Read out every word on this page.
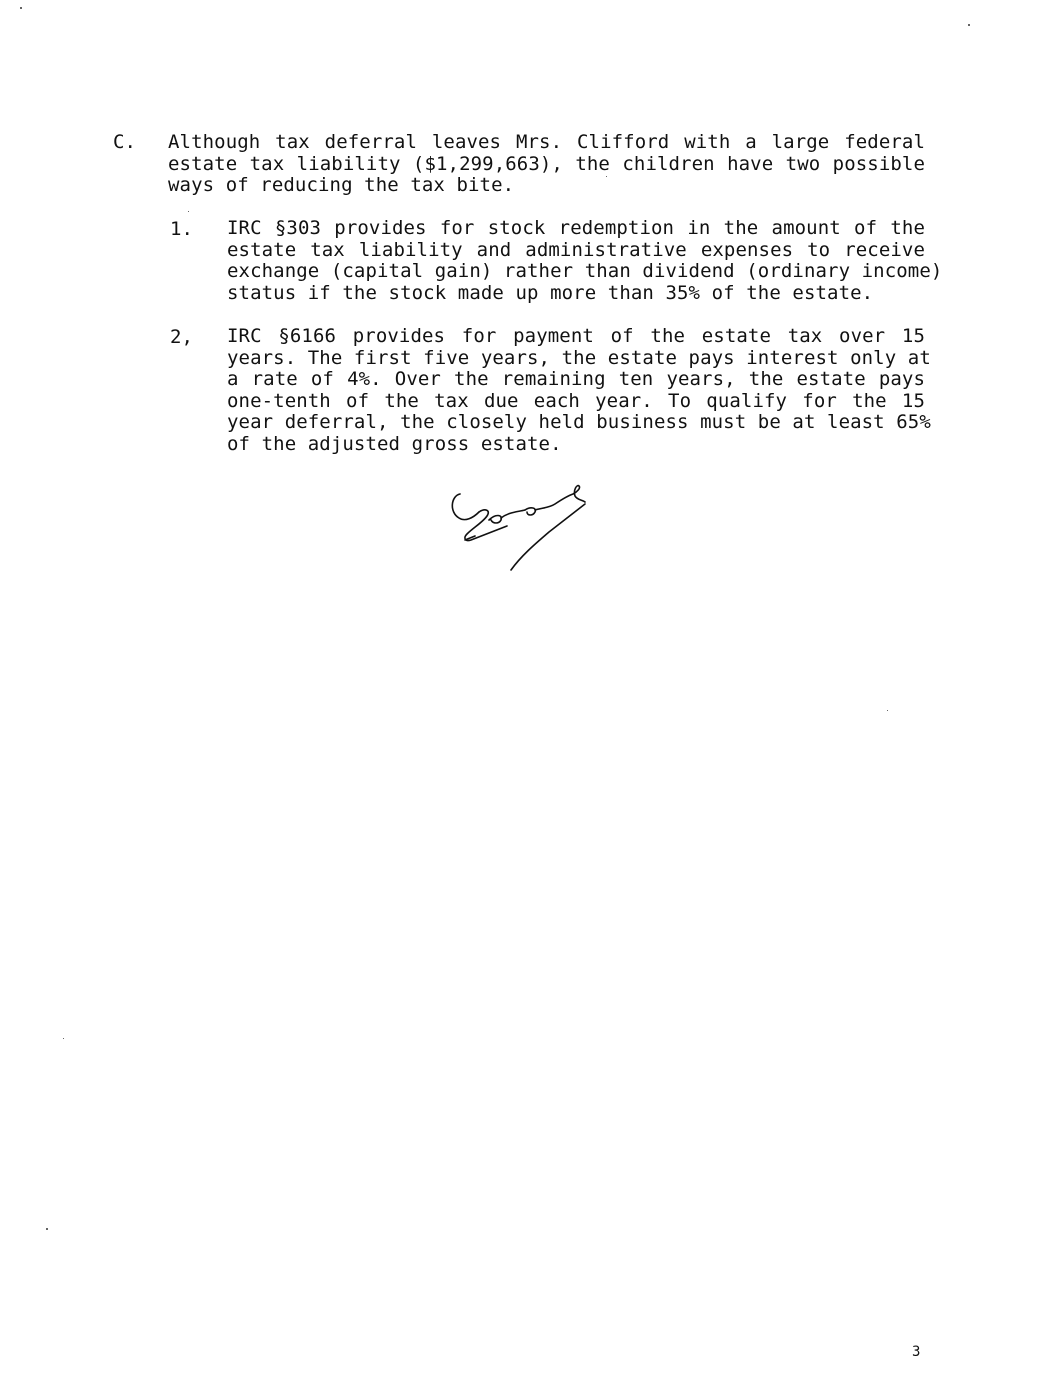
C. Although tax deferral leaves Mrs. Clifford with a large federal
estate tax liability ($1,299,663), the children have two possible
ways of reducing the tax bite.
1. IRC §303 provides for stock redemption in the amount of the
estate tax liability and administrative expenses to receive
exchange (capital gain) rather than dividend (ordinary income)
status if the stock made up more than 35% of the estate.
2, IRC §6166 provides for payment of the estate tax over 15
years. The first five years, the estate pays interest only at
a rate of 4%. Over the remaining ten years, the estate pays
one-tenth of the tax due each year. To qualify for the 15
year deferral, the closely held business must be at least 65%
of the adjusted gross estate.
3
